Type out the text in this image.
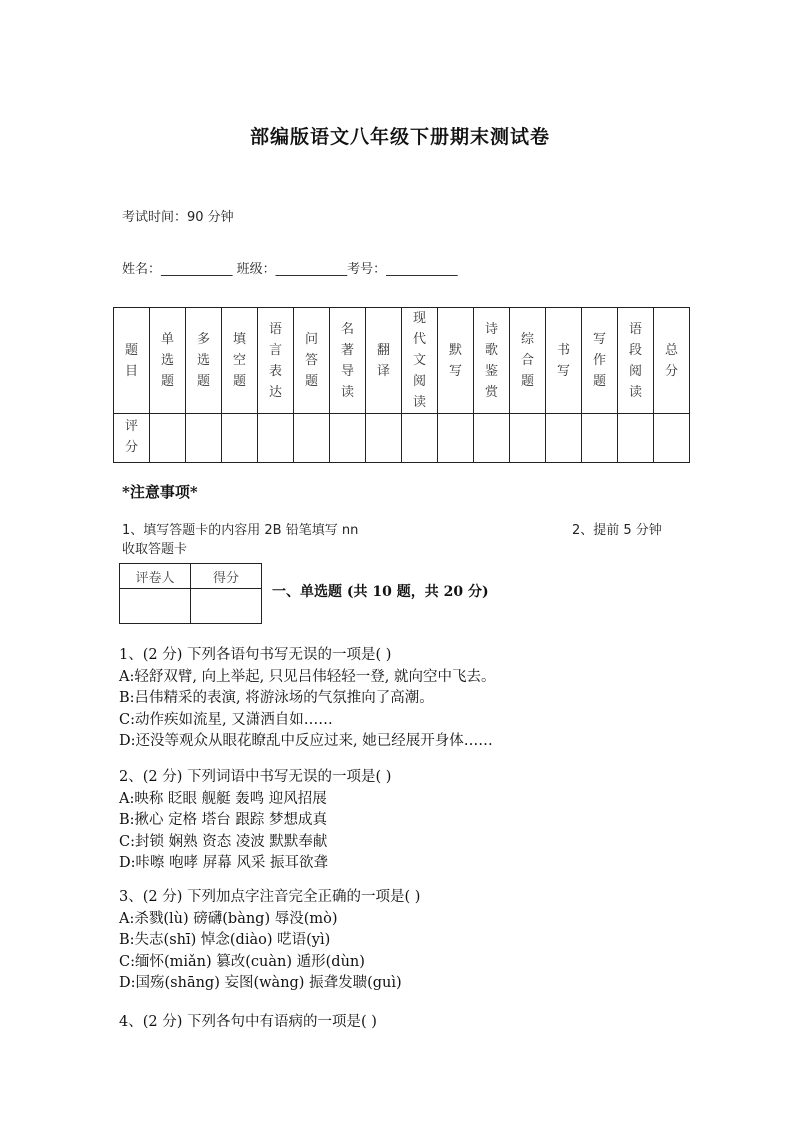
部编版语文八年级下册期末测试卷
考试时间：90 分钟
姓名：___________ 班级：___________考号：___________
题目	单选题	多选题	填空题	语言表达	问答题	名著导读	翻译	现代文阅读	默写	诗歌鉴赏	综合题	书写	写作题	语段阅读	总分
评分															
*注意事项*
1、填写答题卡的内容用 2B 铅笔填写 nn	2、提前 5 分钟
收取答题卡
评卷人	得分

一、单选题 (共 10 题，共 20 分)
1、(2 分) 下列各语句书写无误的一项是( )
A:轻舒双臂, 向上举起, 只见吕伟轻轻一登, 就向空中飞去。
B:吕伟精采的表演, 将游泳场的气氛推向了高潮。
C:动作疾如流星, 又潇洒自如……
D:还没等观众从眼花瞭乱中反应过来, 她已经展开身体……
2、(2 分) 下列词语中书写无误的一项是( )
A:映称 眨眼 舰艇 轰鸣 迎风招展
B:揪心 定格 塔台 跟踪 梦想成真
C:封锁 娴熟 资态 凌波 默默奉献
D:咔嚓 咆哮 屏幕 风采 振耳欲聋
3、(2 分) 下列加点字注音完全正确的一项是( )
A:杀戮(lù) 磅礴(bàng) 辱没(mò)
B:失志(shī) 悼念(diào) 呓语(yì)
C:缅怀(miǎn) 篡改(cuàn) 遁形(dùn)
D:国殇(shāng) 妄图(wàng) 振聋发聩(guì)
4、(2 分) 下列各句中有语病的一项是( )
